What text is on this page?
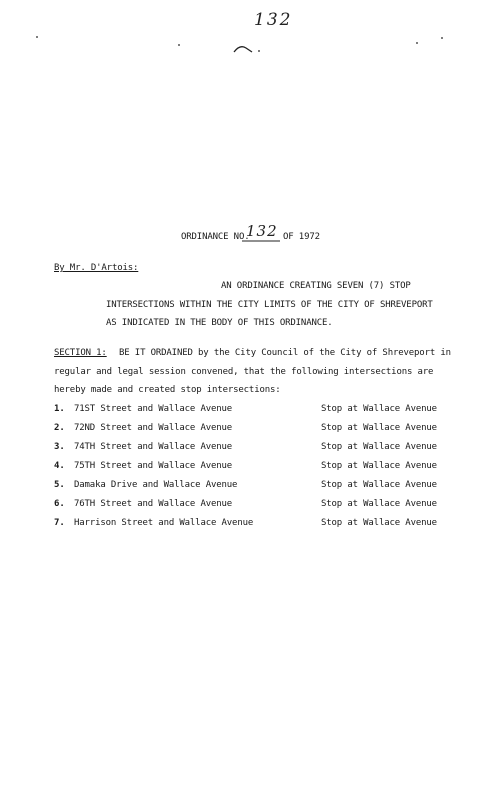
132
ORDINANCE NO.
132 OF 1972
By Mr. D'Artois:
AN ORDINANCE CREATING SEVEN (7) STOP
INTERSECTIONS WITHIN THE CITY LIMITS OF THE CITY OF SHREVEPORT
AS INDICATED IN THE BODY OF THIS ORDINANCE.
SECTION 1: BE IT ORDAINED by the City Council of the City of Shreveport in
regular and legal session convened, that the following intersections are
hereby made and created stop intersections:
1. 71ST Street and Wallace Avenue	Stop at Wallace Avenue
2. 72ND Street and Wallace Avenue	Stop at Wallace Avenue
3. 74TH Street and Wallace Avenue	Stop at Wallace Avenue
4. 75TH Street and Wallace Avenue	Stop at Wallace Avenue
5. Damaka Drive and Wallace Avenue	Stop at Wallace Avenue
6. 76TH Street and Wallace Avenue	Stop at Wallace Avenue
7. Harrison Street and Wallace Avenue	Stop at Wallace Avenue
